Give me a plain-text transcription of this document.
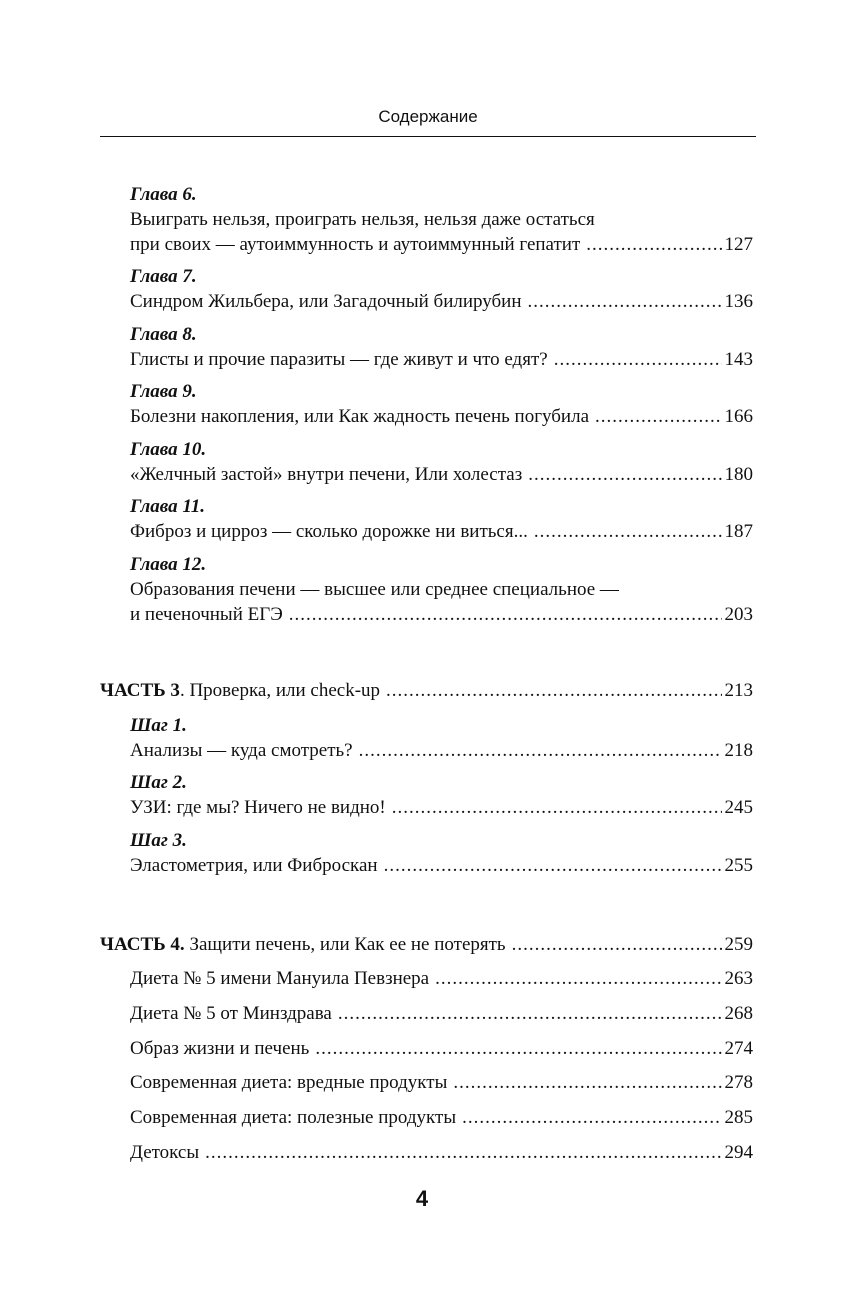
Содержание
Глава 6.
Выиграть нельзя, проиграть нельзя, нельзя даже остаться
при своих — аутоиммунность и аутоиммунный гепатит .....	127
Глава 7.
Синдром Жильбера, или Загадочный билирубин .....	136
Глава 8.
Глисты и прочие паразиты — где живут и что едят? .....	143
Глава 9.
Болезни накопления, или Как жадность печень погубила .....	166
Глава 10.
«Желчный застой» внутри печени, Или холестаз .....	180
Глава 11.
Фиброз и цирроз — сколько дорожке ни виться... .....	187
Глава 12.
Образования печени — высшее или среднее специальное —
и печеночный ЕГЭ .....	203
ЧАСТЬ 3. Проверка, или check-up .....	213
Шаг 1.
Анализы — куда смотреть? .....	218
Шаг 2.
УЗИ: где мы? Ничего не видно! .....	245
Шаг 3.
Эластометрия, или Фиброскан .....	255
ЧАСТЬ 4. Защити печень, или Как ее не потерять .....	259
Диета № 5 имени Мануила Певзнера .....	263
Диета № 5 от Минздрава .....	268
Образ жизни и печень .....	274
Современная диета: вредные продукты .....	278
Современная диета: полезные продукты .....	285
Детоксы .....	294
4
